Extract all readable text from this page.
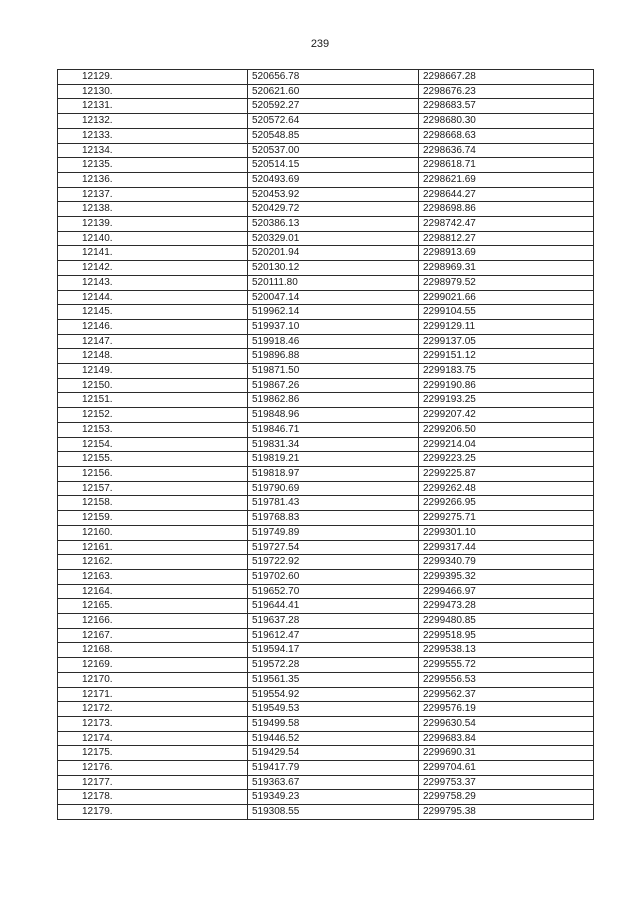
239
12129.	520656.78	2298667.28
12130.	520621.60	2298676.23
12131.	520592.27	2298683.57
12132.	520572.64	2298680.30
12133.	520548.85	2298668.63
12134.	520537.00	2298636.74
12135.	520514.15	2298618.71
12136.	520493.69	2298621.69
12137.	520453.92	2298644.27
12138.	520429.72	2298698.86
12139.	520386.13	2298742.47
12140.	520329.01	2298812.27
12141.	520201.94	2298913.69
12142.	520130.12	2298969.31
12143.	520111.80	2298979.52
12144.	520047.14	2299021.66
12145.	519962.14	2299104.55
12146.	519937.10	2299129.11
12147.	519918.46	2299137.05
12148.	519896.88	2299151.12
12149.	519871.50	2299183.75
12150.	519867.26	2299190.86
12151.	519862.86	2299193.25
12152.	519848.96	2299207.42
12153.	519846.71	2299206.50
12154.	519831.34	2299214.04
12155.	519819.21	2299223.25
12156.	519818.97	2299225.87
12157.	519790.69	2299262.48
12158.	519781.43	2299266.95
12159.	519768.83	2299275.71
12160.	519749.89	2299301.10
12161.	519727.54	2299317.44
12162.	519722.92	2299340.79
12163.	519702.60	2299395.32
12164.	519652.70	2299466.97
12165.	519644.41	2299473.28
12166.	519637.28	2299480.85
12167.	519612.47	2299518.95
12168.	519594.17	2299538.13
12169.	519572.28	2299555.72
12170.	519561.35	2299556.53
12171.	519554.92	2299562.37
12172.	519549.53	2299576.19
12173.	519499.58	2299630.54
12174.	519446.52	2299683.84
12175.	519429.54	2299690.31
12176.	519417.79	2299704.61
12177.	519363.67	2299753.37
12178.	519349.23	2299758.29
12179.	519308.55	2299795.38
